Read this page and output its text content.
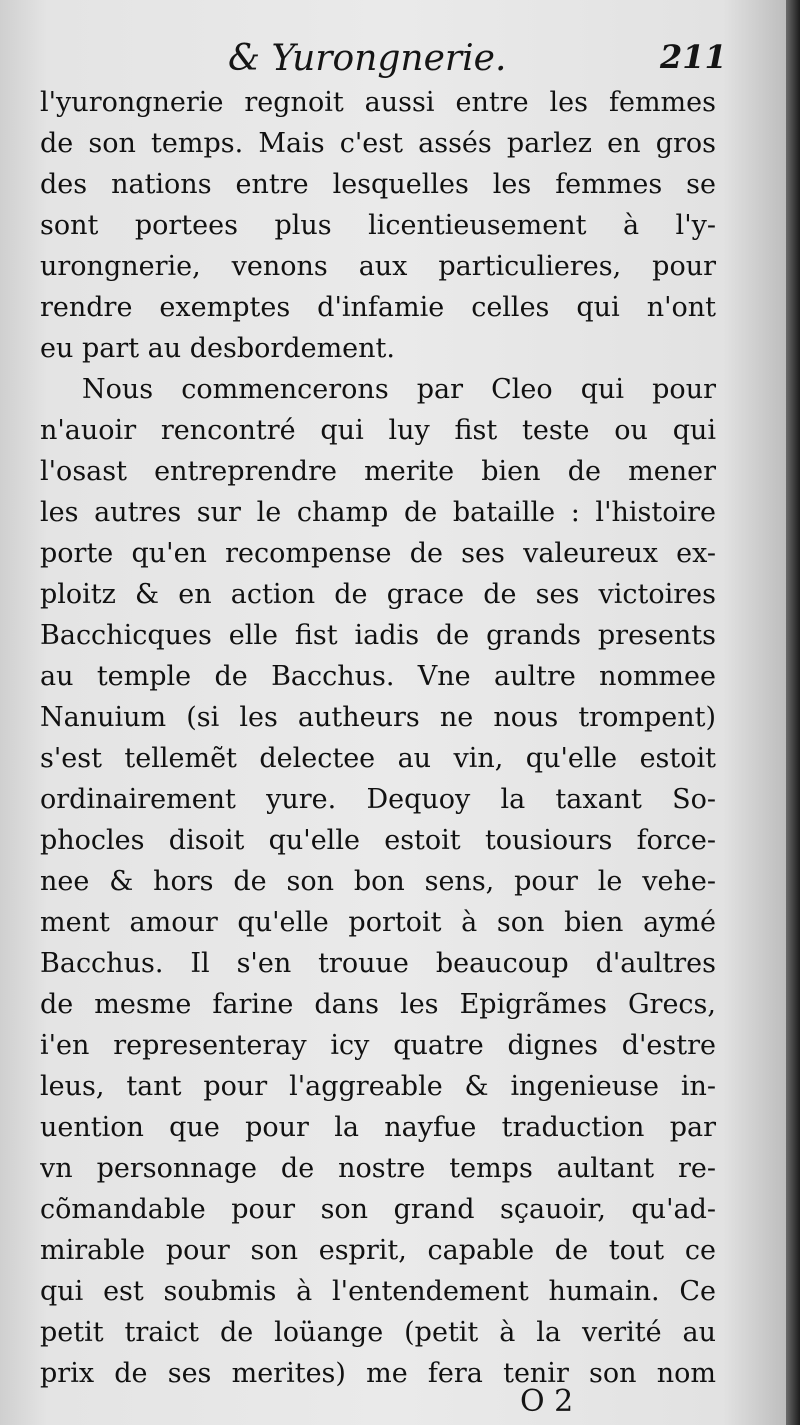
& Yurongnerie.	211
l'yurongnerie regnoit aussi entre les femmes
de son temps. Mais c'est assés parlez en gros
des nations entre lesquelles les femmes se
sont portees plus licentieusement à l'y-
urongnerie, venons aux particulieres, pour
rendre exemptes d'infamie celles qui n'ont
eu part au desbordement.
Nous commencerons par Cleo qui pour
n'auoir rencontré qui luy fist teste ou qui
l'osast entreprendre merite bien de mener
les autres sur le champ de bataille : l'histoire
porte qu'en recompense de ses valeureux ex-
ploitz & en action de grace de ses victoires
Bacchicques elle fist iadis de grands presents
au temple de Bacchus. Vne aultre nommee
Nanuium (si les autheurs ne nous trompent)
s'est tellemẽt delectee au vin, qu'elle estoit
ordinairement yure. Dequoy la taxant So-
phocles disoit qu'elle estoit tousiours force-
nee & hors de son bon sens, pour le vehe-
ment amour qu'elle portoit à son bien aymé
Bacchus. Il s'en trouue beaucoup d'aultres
de mesme farine dans les Epigrãmes Grecs,
i'en representeray icy quatre dignes d'estre
leus, tant pour l'aggreable & ingenieuse in-
uention que pour la nayfue traduction par
vn personnage de nostre temps aultant re-
cõmandable pour son grand sçauoir, qu'ad-
mirable pour son esprit, capable de tout ce
qui est soubmis à l'entendement humain. Ce
petit traict de loüange (petit à la verité au
prix de ses merites) me fera tenir son nom
O 2
